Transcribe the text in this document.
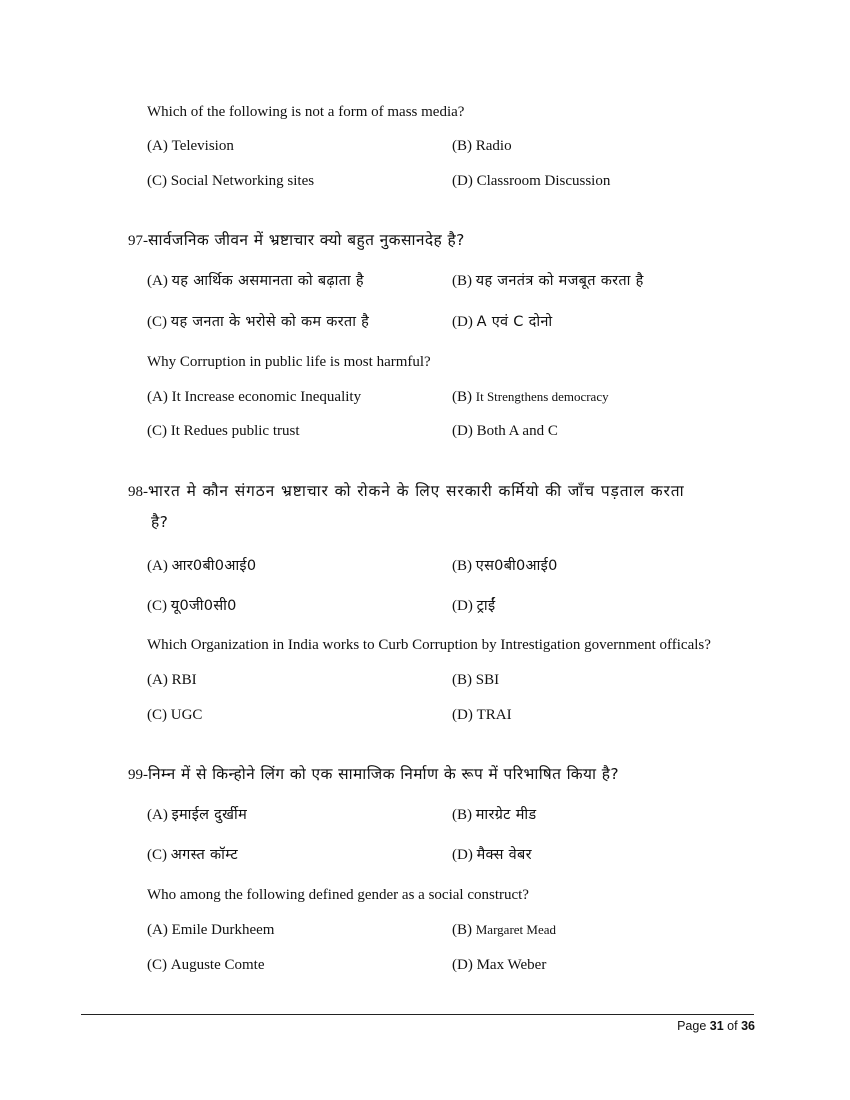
Which of the following is not a form of mass media?
(A) Television	(B) Radio
(C) Social Networking sites	(D) Classroom Discussion
97-सार्वजनिक जीवन में भ्रष्टाचार क्यो बहुत नुकसानदेह है?
(A) यह आर्थिक असमानता को बढ़ाता है	(B) यह जनतंत्र को मजबूत करता है
(C) यह जनता के भरोसे को कम करता है	(D) A एवं C दोनो
Why Corruption in public life is most harmful?
(A) It Increase economic Inequality	(B) It Strengthens democracy
(C) It Redues public trust	(D) Both A and C
98-भारत मे कौन संगठन भ्रष्टाचार को रोकने के लिए सरकारी कर्मियो की जाँच पड़ताल करता
है?
(A) आर0बी0आई0	(B) एस0बी0आई0
(C) यू0जी0सी0	(D) ट्राईं
Which Organization in India works to Curb Corruption by Intrestigation government officals?
(A) RBI	(B) SBI
(C) UGC	(D) TRAI
99-निम्न में से किन्होने लिंग को एक सामाजिक निर्माण के रूप में परिभाषित किया है?
(A) इमाईल दुर्खीम	(B) मारग्रेट मीड
(C) अगस्त कॉम्ट	(D) मैक्स वेबर
Who among the following defined gender as a social construct?
(A) Emile Durkheem	(B) Margaret Mead
(C) Auguste Comte	(D) Max Weber
Page 31 of 36
